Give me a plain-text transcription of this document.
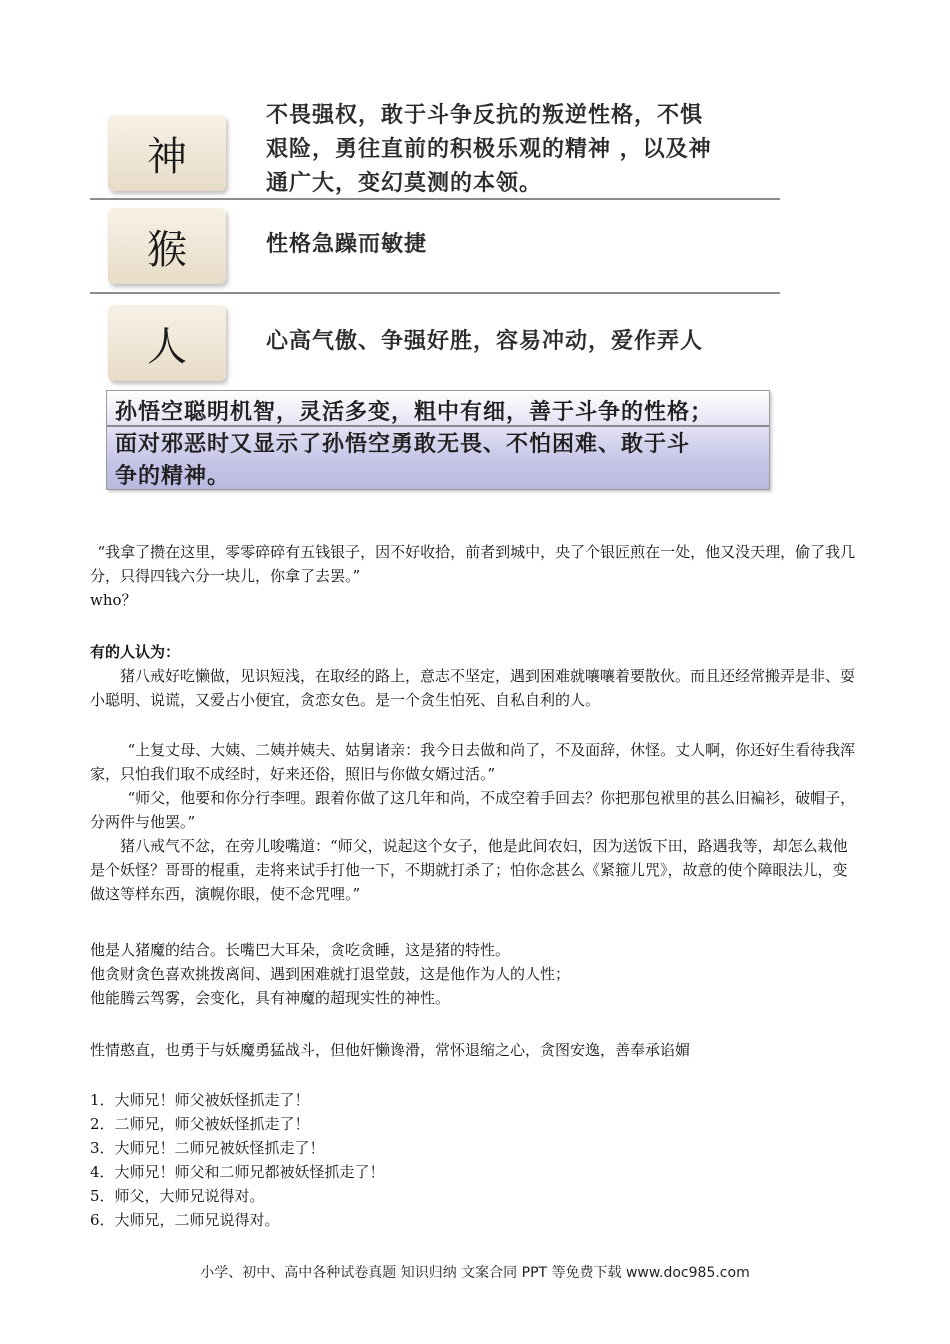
神
不畏强权，敢于斗争反抗的叛逆性格，不惧
艰险，勇往直前的积极乐观的精神 ，以及神
通广大，变幻莫测的本领。
猴	性格急躁而敏捷
人	心高气傲、争强好胜，容易冲动，爱作弄人
孙悟空聪明机智，灵活多变，粗中有细，善于斗争的性格；
面对邪恶时又显示了孙悟空勇敢无畏、不怕困难、敢于斗
争的精神。

“我拿了攒在这里，零零碎碎有五钱银子，因不好收拾，前者到城中，央了个银匠煎在一处，他又没天理，偷了我几分，只得四钱六分一块儿，你拿了去罢。”

who？

有的人认为：

猪八戒好吃懒做，见识短浅，在取经的路上，意志不坚定，遇到困难就嚷嚷着要散伙。而且还经常搬弄是非、耍小聪明、说谎，又爱占小便宜，贪恋女色。是一个贪生怕死、自私自利的人。

“上复丈母、大姨、二姨并姨夫、姑舅诸亲：我今日去做和尚了，不及面辞，休怪。丈人啊，你还好生看待我浑家，只怕我们取不成经时，好来还俗，照旧与你做女婿过活。”

“师父，他要和你分行李哩。跟着你做了这几年和尚，不成空着手回去？你把那包袱里的甚么旧褊衫，破帽子，分两件与他罢。”

猪八戒气不忿，在旁儿唆嘴道：“师父，说起这个女子，他是此间农妇，因为送饭下田，路遇我等，却怎么栽他是个妖怪？哥哥的棍重，走将来试手打他一下，不期就打杀了；怕你念甚么《紧箍儿咒》，故意的使个障眼法儿，变做这等样东西，演幌你眼，使不念咒哩。”

他是人猪魔的结合。长嘴巴大耳朵，贪吃贪睡，这是猪的特性。

他贪财贪色喜欢挑拨离间、遇到困难就打退堂鼓，这是他作为人的人性；

他能腾云驾雾，会变化，具有神魔的超现实性的神性。

性情憨直，也勇于与妖魔勇猛战斗，但他奸懒谗滑，常怀退缩之心，贪图安逸，善奉承谄媚

1．大师兄！师父被妖怪抓走了！

2．二师兄，师父被妖怪抓走了！

3．大师兄！二师兄被妖怪抓走了！

4．大师兄！师父和二师兄都被妖怪抓走了！

5．师父，大师兄说得对。

6．大师兄，二师兄说得对。

小学、初中、高中各种试卷真题 知识归纳 文案合同 PPT 等免费下载 www.doc985.com
